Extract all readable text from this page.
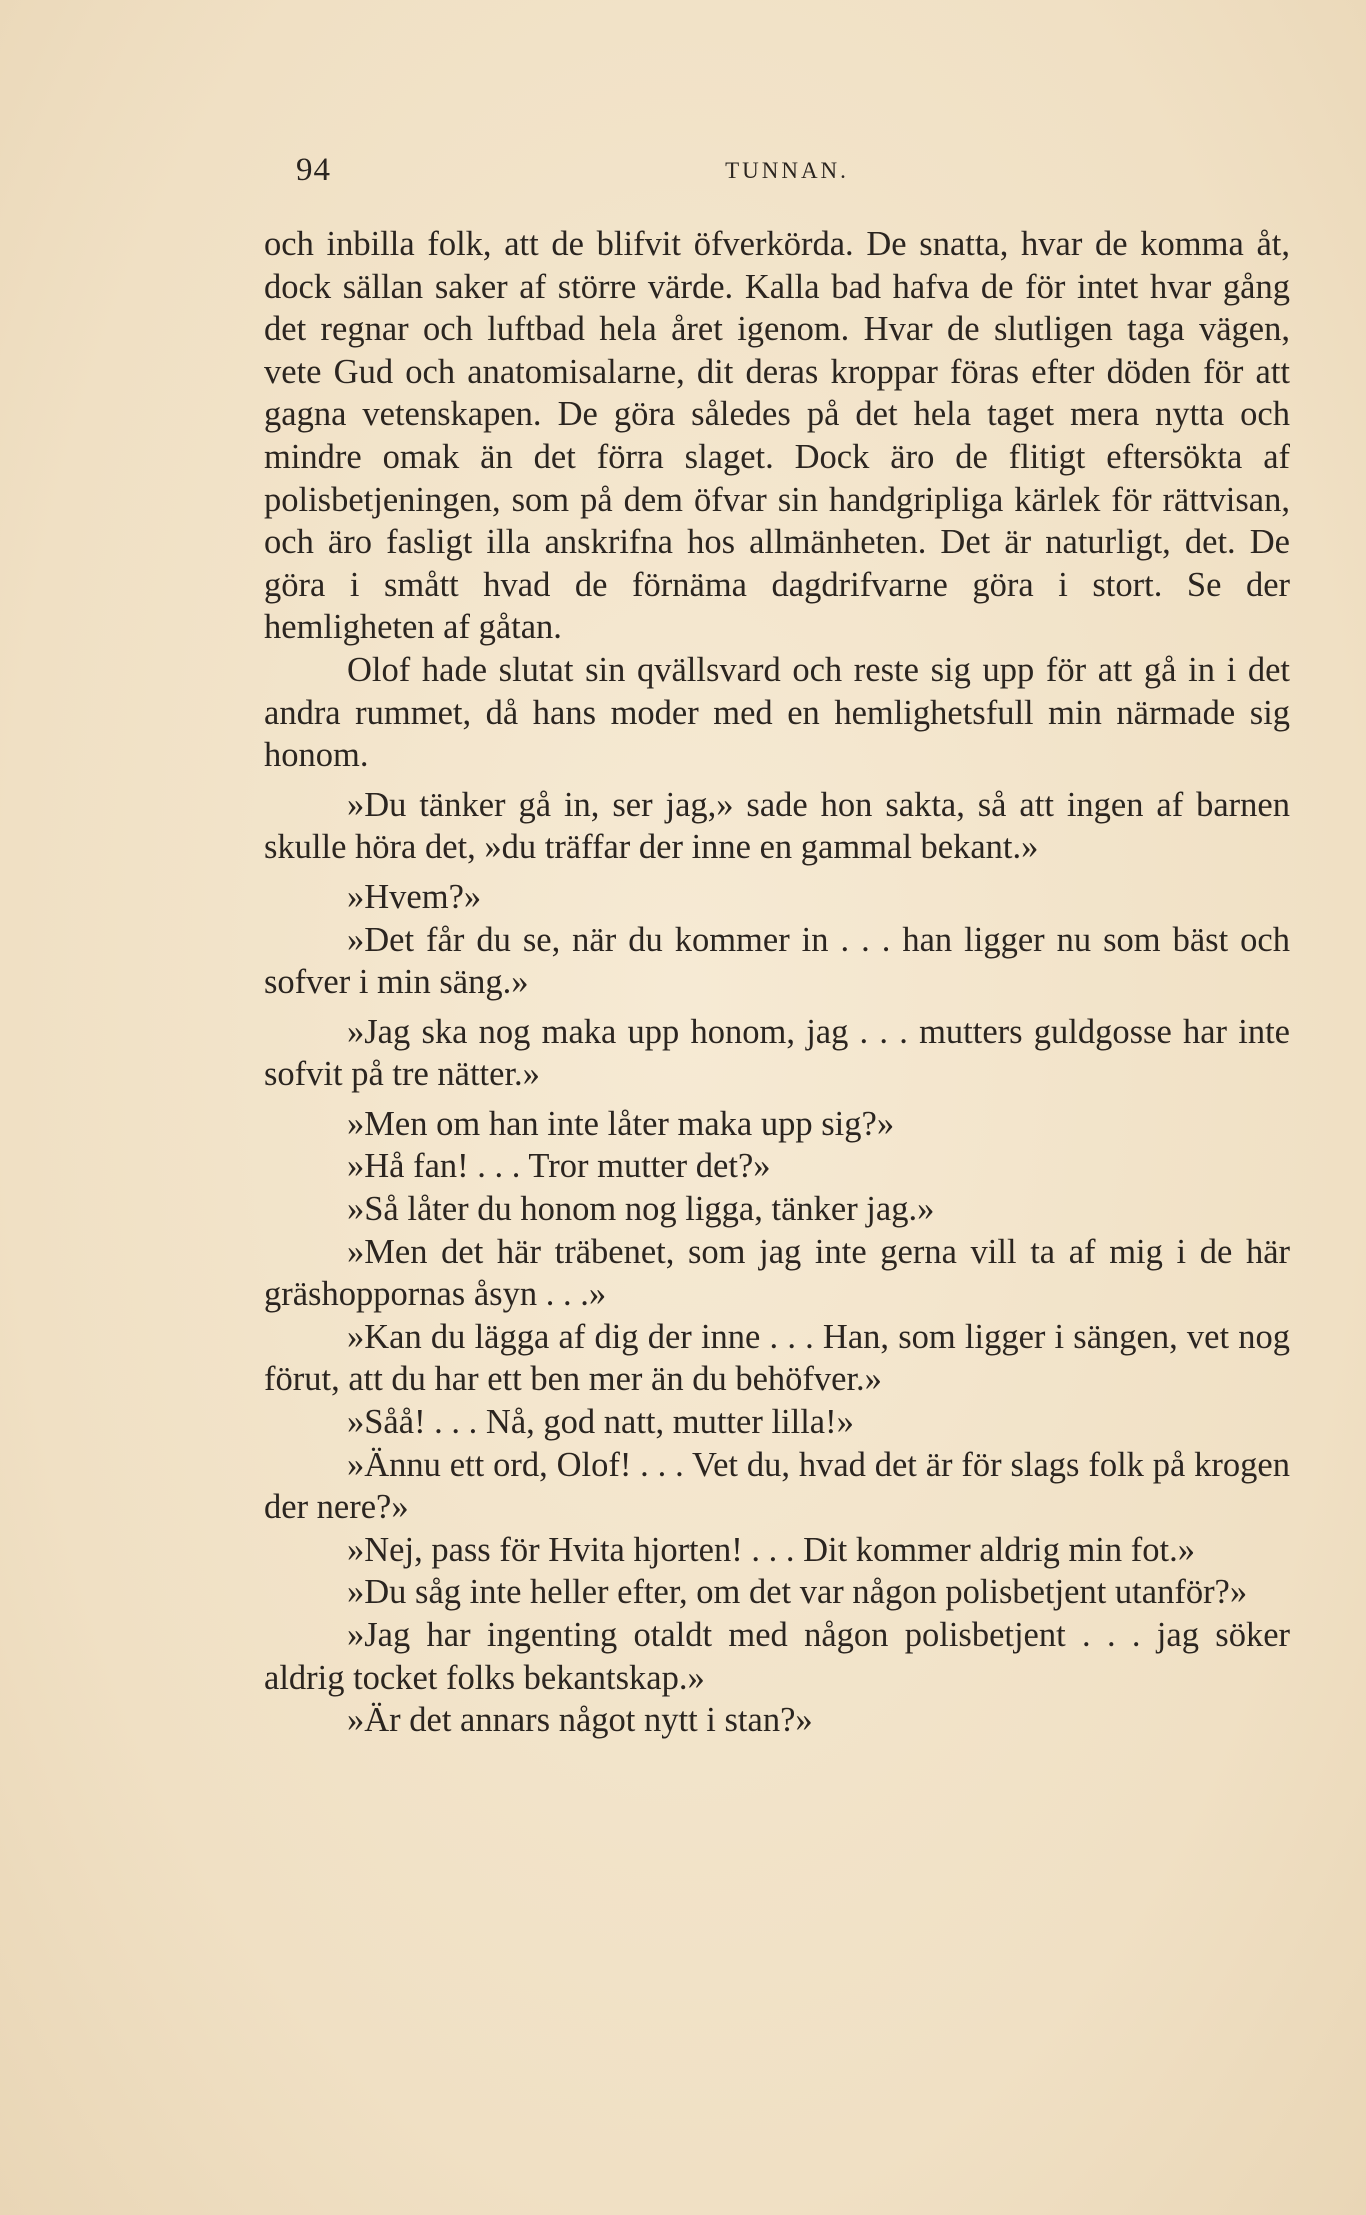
94	TUNNAN.

och inbilla folk, att de blifvit öfverkörda. De snatta, hvar de komma åt, dock sällan saker af större värde. Kalla bad hafva de för intet hvar gång det regnar och luftbad hela året igenom. Hvar de slutligen taga vägen, vete Gud och anatomisalarne, dit deras kroppar föras efter döden för att gagna vetenskapen. De göra således på det hela taget mera nytta och mindre omak än det förra slaget. Dock äro de flitigt eftersökta af polisbetjeningen, som på dem öfvar sin handgripliga kärlek för rättvisan, och äro fasligt illa anskrifna hos allmänheten. Det är naturligt, det. De göra i smått hvad de förnäma dagdrifvarne göra i stort. Se der hemligheten af gåtan.

Olof hade slutat sin qvällsvard och reste sig upp för att gå in i det andra rummet, då hans moder med en hemlighetsfull min närmade sig honom.

»Du tänker gå in, ser jag,» sade hon sakta, så att ingen af barnen skulle höra det, »du träffar der inne en gammal bekant.»

»Hvem?»

»Det får du se, när du kommer in . . . han ligger nu som bäst och sofver i min säng.»

»Jag ska nog maka upp honom, jag . . . mutters guldgosse har inte sofvit på tre nätter.»

»Men om han inte låter maka upp sig?»

»Hå fan! . . . Tror mutter det?»

»Så låter du honom nog ligga, tänker jag.»

»Men det här träbenet, som jag inte gerna vill ta af mig i de här gräshoppornas åsyn . . .»

»Kan du lägga af dig der inne . . . Han, som ligger i sängen, vet nog förut, att du har ett ben mer än du behöfver.»

»Såå! . . . Nå, god natt, mutter lilla!»

»Ännu ett ord, Olof! . . . Vet du, hvad det är för slags folk på krogen der nere?»

»Nej, pass för Hvita hjorten! . . . Dit kommer aldrig min fot.»

»Du såg inte heller efter, om det var någon polisbetjent utanför?»

»Jag har ingenting otaldt med någon polisbetjent . . . jag söker aldrig tocket folks bekantskap.»

»Är det annars något nytt i stan?»
